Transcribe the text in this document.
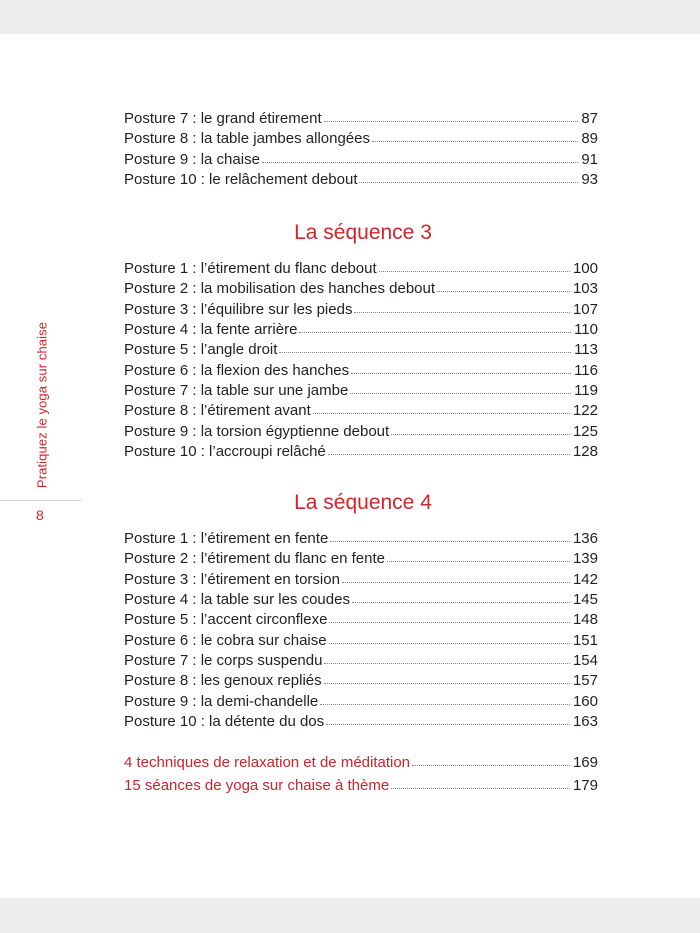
Pratiquez le yoga sur chaise
8
Posture 7 : le grand étirement	87
Posture 8 : la table jambes allongées	89
Posture 9 : la chaise	91
Posture 10 : le relâchement debout	93
La séquence 3
Posture 1 : l’étirement du flanc debout	100
Posture 2 : la mobilisation des hanches debout	103
Posture 3 : l’équilibre sur les pieds	107
Posture 4 : la fente arrière	110
Posture 5 : l’angle droit	113
Posture 6 : la flexion des hanches	116
Posture 7 : la table sur une jambe	119
Posture 8 : l’étirement avant	122
Posture 9 : la torsion égyptienne debout	125
Posture 10 : l’accroupi relâché	128
La séquence 4
Posture 1 : l’étirement en fente	136
Posture 2 : l’étirement du flanc en fente	139
Posture 3 : l’étirement en torsion	142
Posture 4 : la table sur les coudes	145
Posture 5 : l’accent circonflexe	148
Posture 6 : le cobra sur chaise	151
Posture 7 : le corps suspendu	154
Posture 8 : les genoux repliés	157
Posture 9 : la demi-chandelle	160
Posture 10 : la détente du dos	163
4 techniques de relaxation et de méditation	169
15 séances de yoga sur chaise à thème	179
